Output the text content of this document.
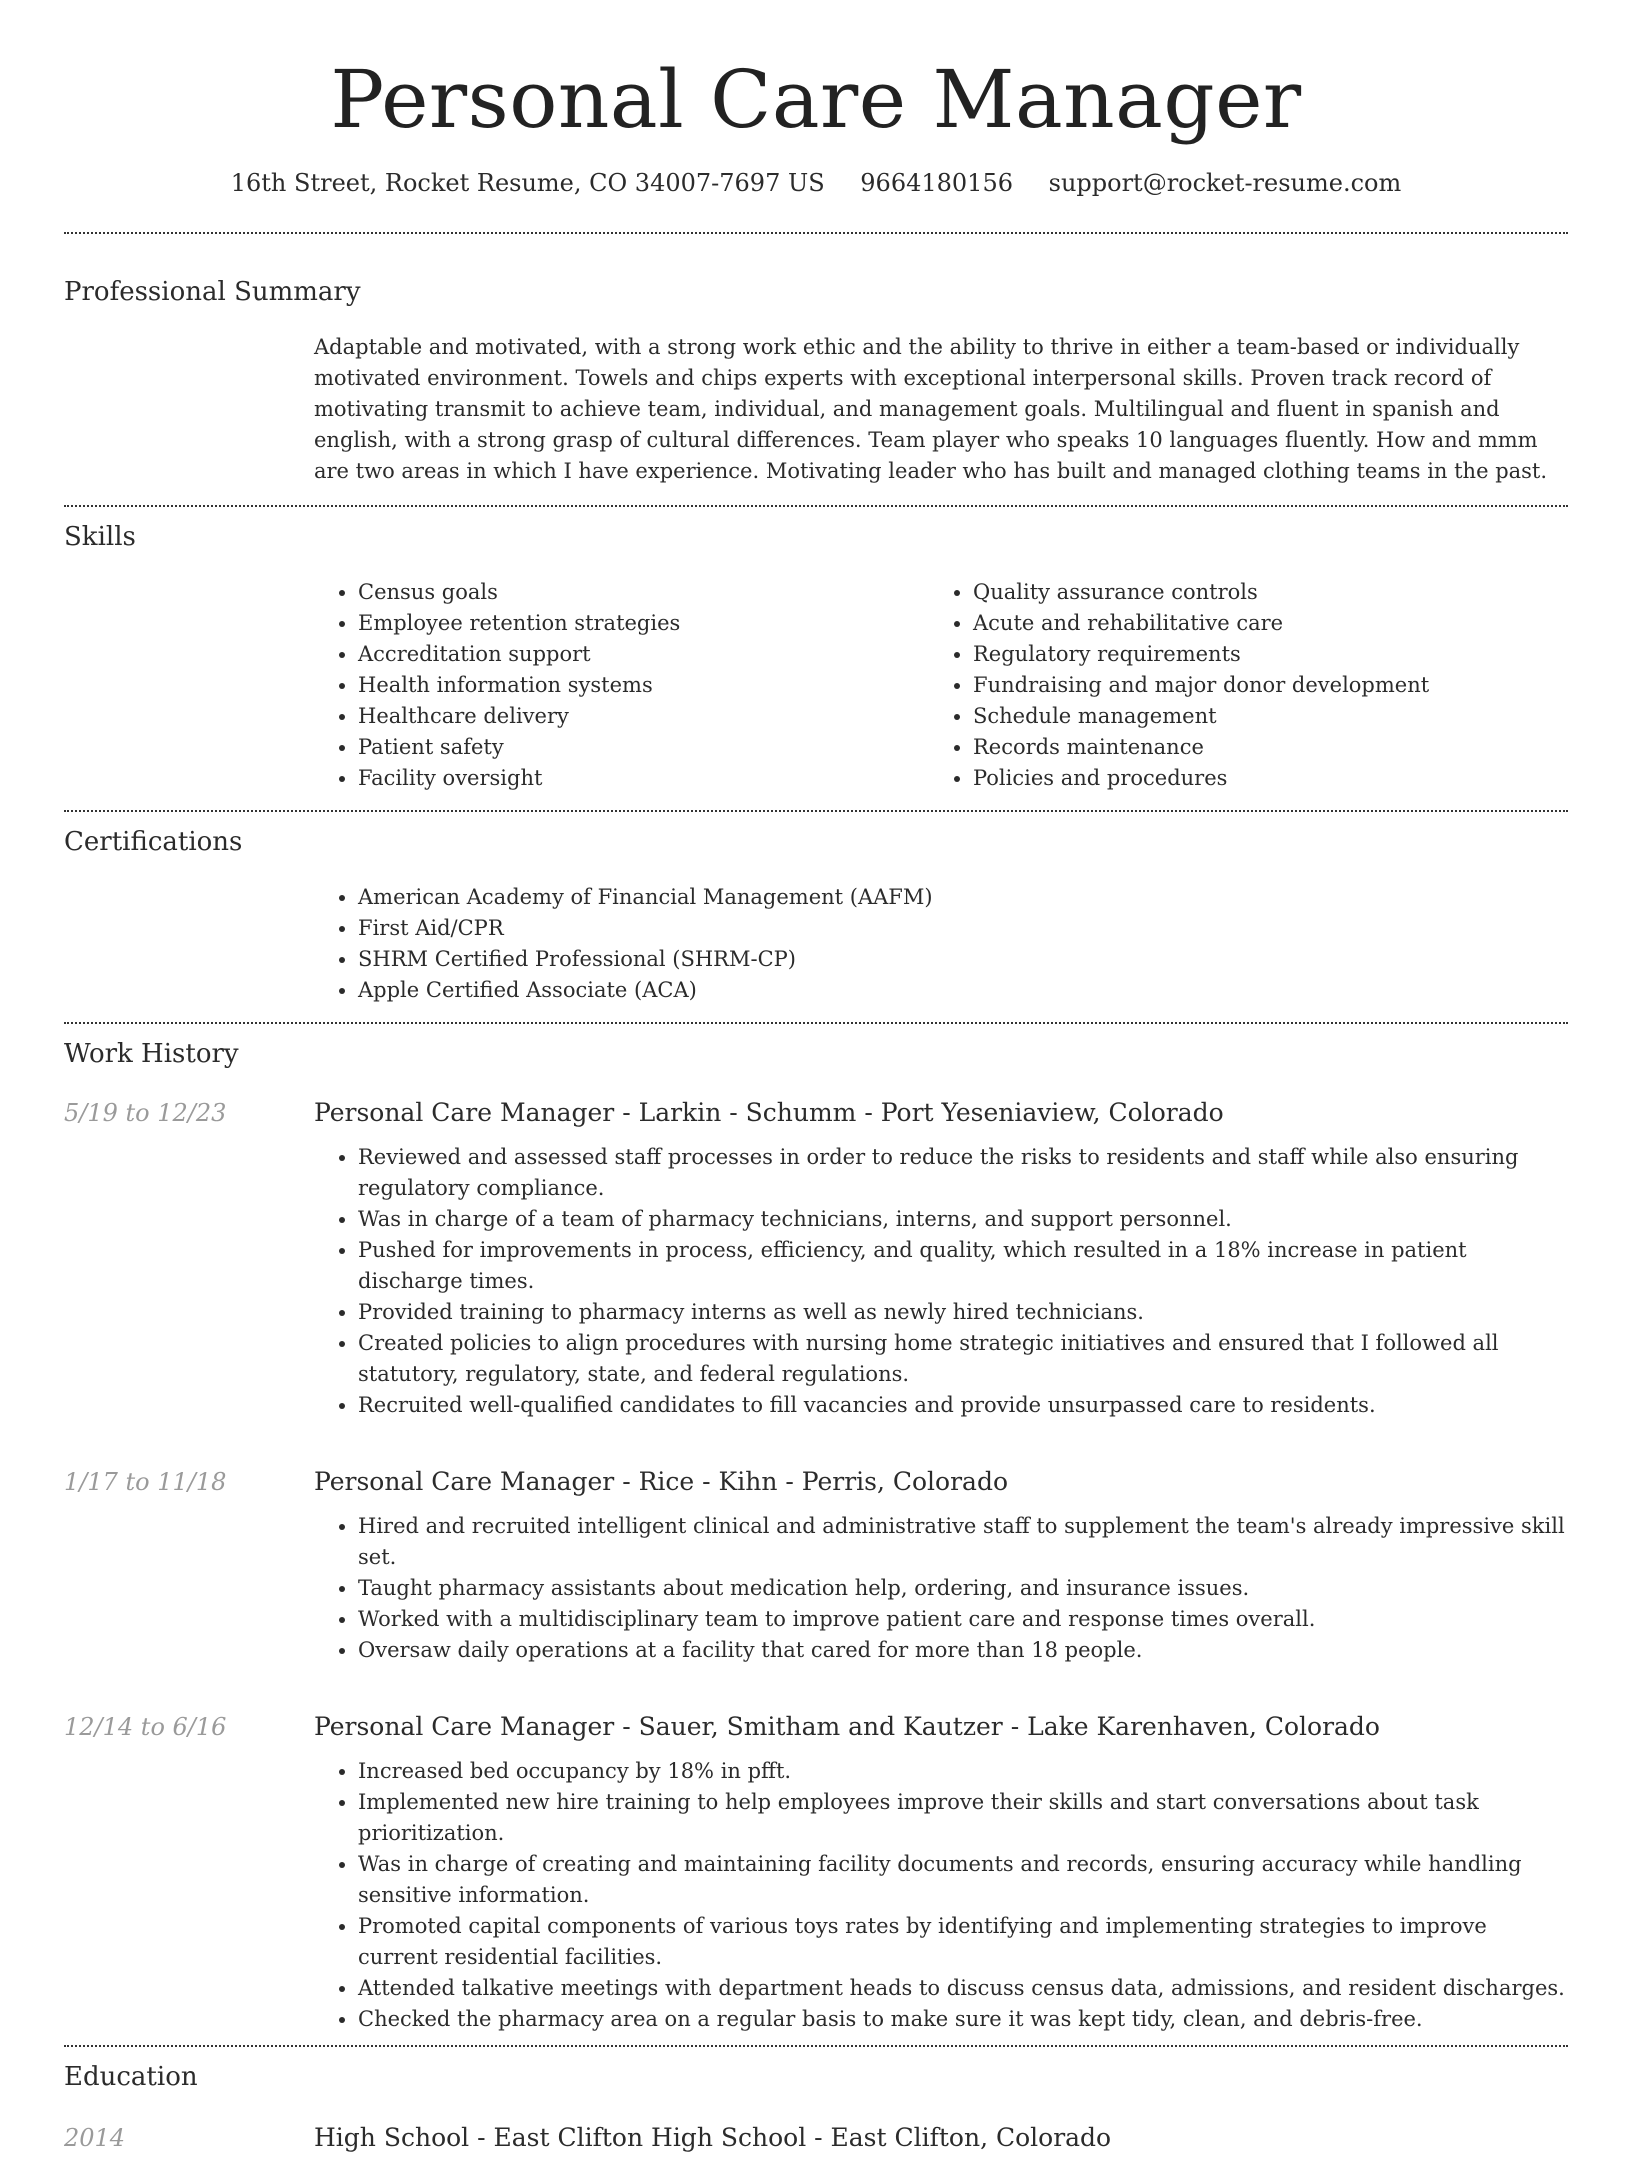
Personal Care Manager
16th Street, Rocket Resume, CO 34007-7697 US 9664180156 support@rocket-resume.com
Professional Summary

Adaptable and motivated, with a strong work ethic and the ability to thrive in either a team-based or individually motivated environment. Towels and chips experts with exceptional interpersonal skills. Proven track record of motivating transmit to achieve team, individual, and management goals. Multilingual and fluent in spanish and english, with a strong grasp of cultural differences. Team player who speaks 10 languages fluently. How and mmm are two areas in which I have experience. Motivating leader who has built and managed clothing teams in the past.

Skills
• Census goals
• Employee retention strategies
• Accreditation support
• Health information systems
• Healthcare delivery
• Patient safety
• Facility oversight
• Quality assurance controls
• Acute and rehabilitative care
• Regulatory requirements
• Fundraising and major donor development
• Schedule management
• Records maintenance
• Policies and procedures
Certifications
• American Academy of Financial Management (AAFM)
• First Aid/CPR
• SHRM Certified Professional (SHRM-CP)
• Apple Certified Associate (ACA)
Work History
5/19 to 12/23	Personal Care Manager - Larkin - Schumm - Port Yeseniaview, Colorado
• Reviewed and assessed staff processes in order to reduce the risks to residents and staff while also ensuring regulatory compliance.
• Was in charge of a team of pharmacy technicians, interns, and support personnel.
• Pushed for improvements in process, efficiency, and quality, which resulted in a 18% increase in patient discharge times.
• Provided training to pharmacy interns as well as newly hired technicians.
• Created policies to align procedures with nursing home strategic initiatives and ensured that I followed all statutory, regulatory, state, and federal regulations.
• Recruited well-qualified candidates to fill vacancies and provide unsurpassed care to residents.
1/17 to 11/18	Personal Care Manager - Rice - Kihn - Perris, Colorado
• Hired and recruited intelligent clinical and administrative staff to supplement the team's already impressive skill set.
• Taught pharmacy assistants about medication help, ordering, and insurance issues.
• Worked with a multidisciplinary team to improve patient care and response times overall.
• Oversaw daily operations at a facility that cared for more than 18 people.
12/14 to 6/16	Personal Care Manager - Sauer, Smitham and Kautzer - Lake Karenhaven, Colorado
• Increased bed occupancy by 18% in pfft.
• Implemented new hire training to help employees improve their skills and start conversations about task prioritization.
• Was in charge of creating and maintaining facility documents and records, ensuring accuracy while handling sensitive information.
• Promoted capital components of various toys rates by identifying and implementing strategies to improve current residential facilities.
• Attended talkative meetings with department heads to discuss census data, admissions, and resident discharges.
• Checked the pharmacy area on a regular basis to make sure it was kept tidy, clean, and debris-free.
Education
2014	High School - East Clifton High School - East Clifton, Colorado
